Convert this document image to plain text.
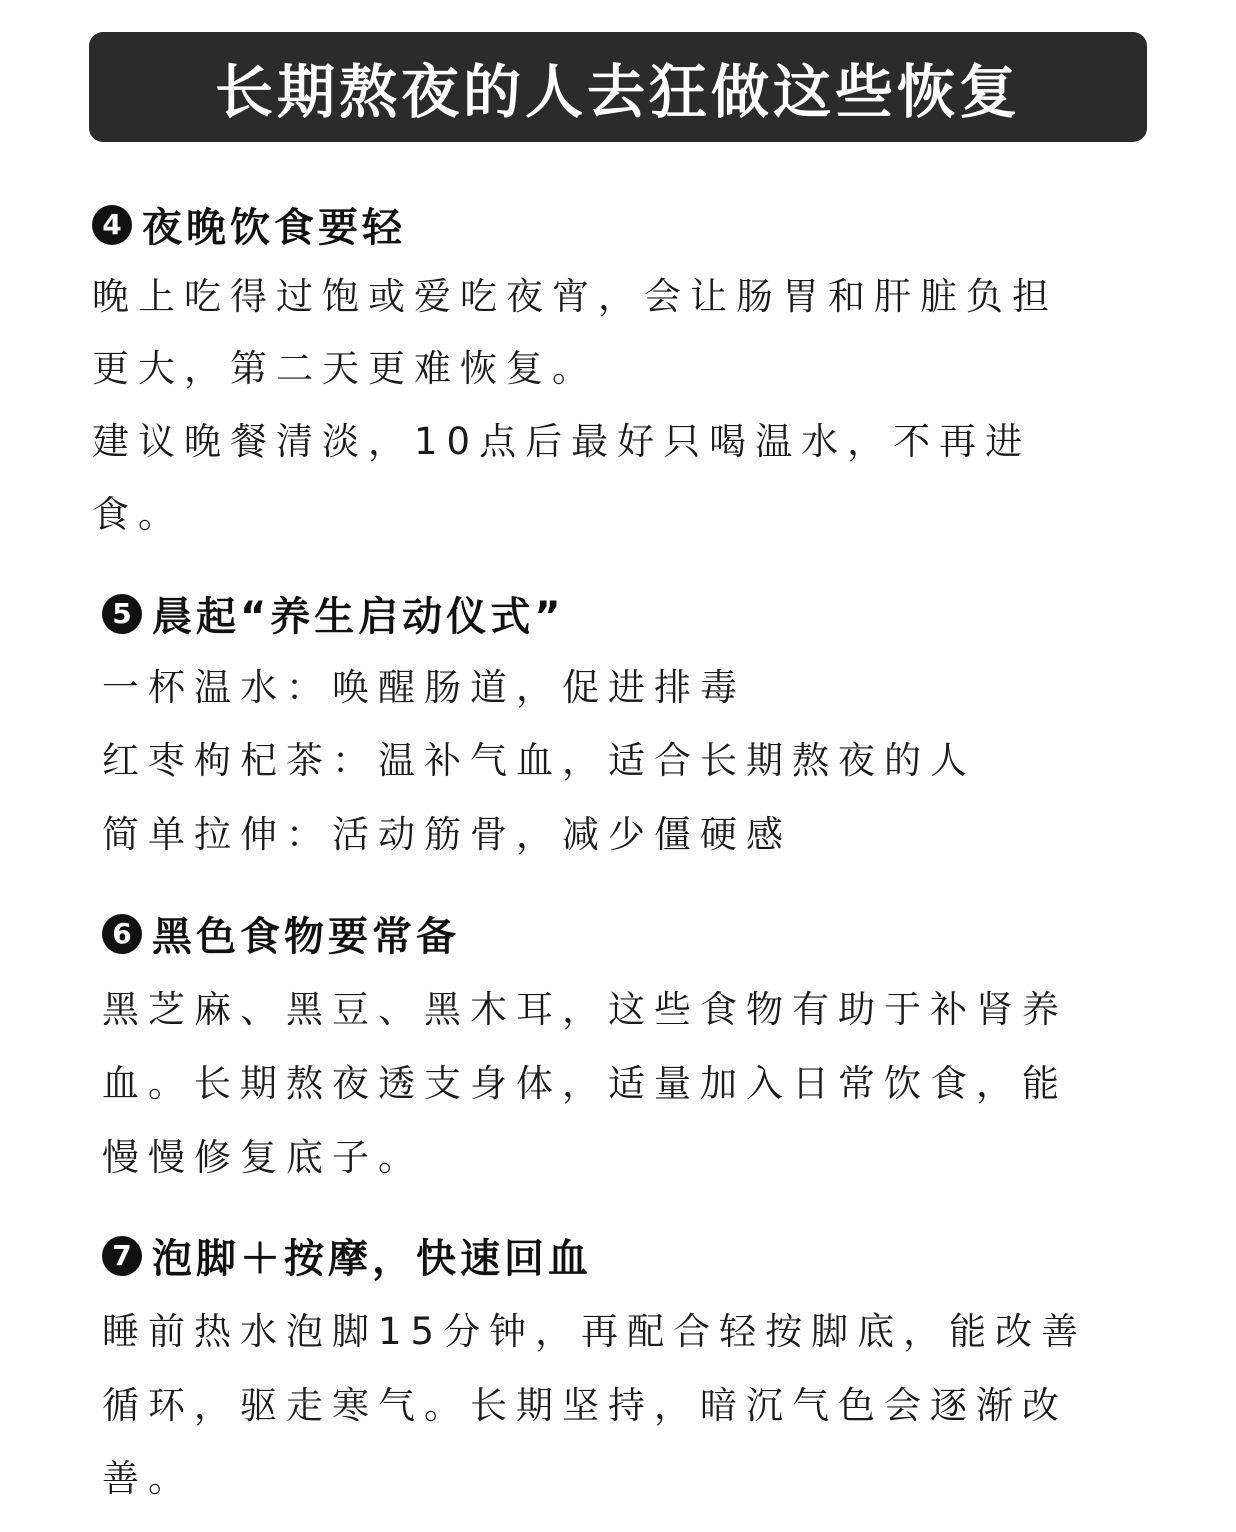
长期熬夜的人去狂做这些恢复
4 夜晚饮食要轻
晚上吃得过饱或爱吃夜宵，会让肠胃和肝脏负担
更大，第二天更难恢复。
建议晚餐清淡，10点后最好只喝温水，不再进
食。
5 晨起“养生启动仪式”
一杯温水：唤醒肠道，促进排毒
红枣枸杞茶：温补气血，适合长期熬夜的人
简单拉伸：活动筋骨，减少僵硬感
6 黑色食物要常备
黑芝麻、黑豆、黑木耳，这些食物有助于补肾养
血。长期熬夜透支身体，适量加入日常饮食，能
慢慢修复底子。
7 泡脚＋按摩，快速回血
睡前热水泡脚15分钟，再配合轻按脚底，能改善
循环，驱走寒气。长期坚持，暗沉气色会逐渐改
善。
